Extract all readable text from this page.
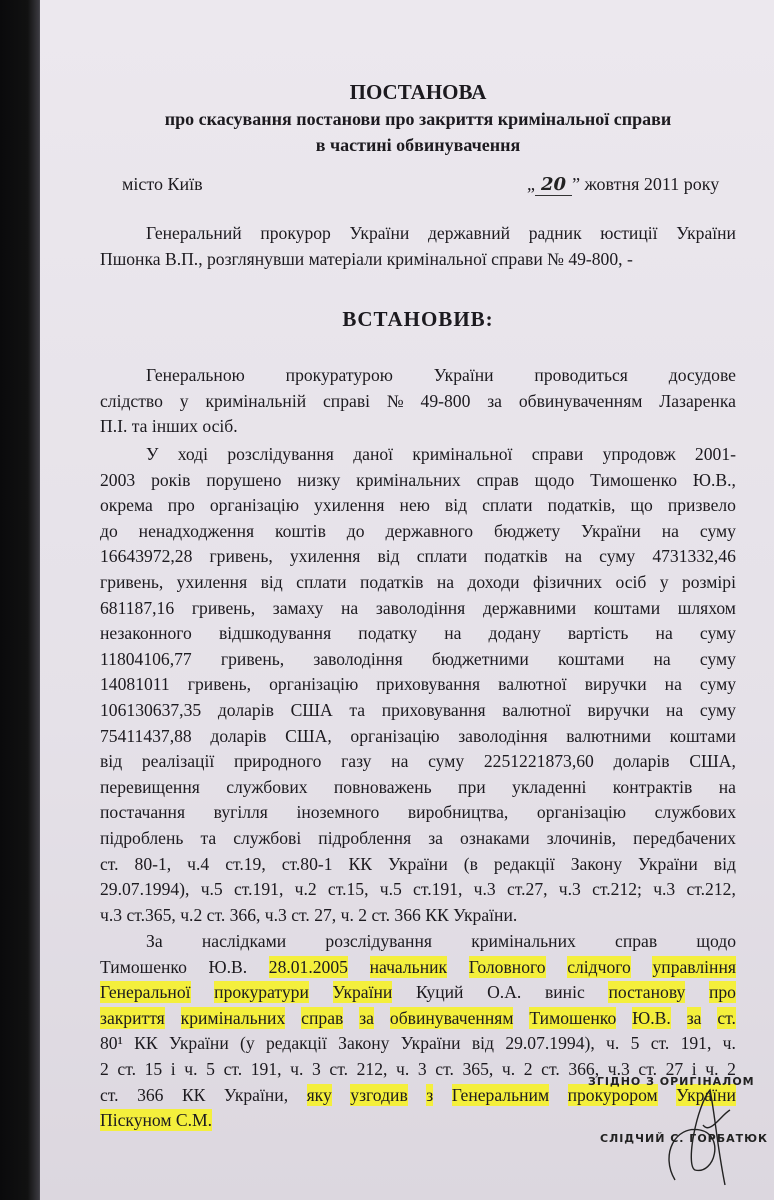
ПОСТАНОВА
про скасування постанови про закриття кримінальної справи
в частині обвинувачення
місто Київ	„ 20 ” жовтня 2011 року
ВСТАНОВИВ:
Генеральний прокурор України державний радник юстиції України
Пшонка В.П., розглянувши матеріали кримінальної справи № 49-800, -
Генеральною прокуратурою України проводиться досудове
слідство у кримінальній справі № 49-800 за обвинуваченням Лазаренка
П.І. та інших осіб.
У ході розслідування даної кримінальної справи упродовж 2001-
2003 років порушено низку кримінальних справ щодо Тимошенко Ю.В.,
окрема про організацію ухилення нею від сплати податків, що призвело
до ненадходження коштів до державного бюджету України на суму
16643972,28 гривень, ухилення від сплати податків на суму 4731332,46
гривень, ухилення від сплати податків на доходи фізичних осіб у розмірі
681187,16 гривень, замаху на заволодіння державними коштами шляхом
незаконного відшкодування податку на додану вартість на суму
11804106,77 гривень, заволодіння бюджетними коштами на суму
14081011 гривень, організацію приховування валютної виручки на суму
106130637,35 доларів США та приховування валютної виручки на суму
75411437,88 доларів США, організацію заволодіння валютними коштами
від реалізації природного газу на суму 2251221873,60 доларів США,
перевищення службових повноважень при укладенні контрактів на
постачання вугілля іноземного виробництва, організацію службових
підроблень та службові підроблення за ознаками злочинів, передбачених
ст. 80-1, ч.4 ст.19, ст.80-1 КК України (в редакції Закону України від
29.07.1994), ч.5 ст.191, ч.2 ст.15, ч.5 ст.191, ч.3 ст.27, ч.3 ст.212; ч.3 ст.212,
ч.3 ст.365, ч.2 ст. 366, ч.3 ст. 27, ч. 2 ст. 366 КК України.
За наслідками розслідування кримінальних справ щодо
Тимошенко Ю.В. 28.01.2005 начальник Головного слідчого управління
Генеральної прокуратури України Куций О.А. виніс постанову про
закриття кримінальних справ за обвинуваченням Тимошенко Ю.В. за ст.
80¹ КК України (у редакції Закону України від 29.07.1994), ч. 5 ст. 191, ч.
2 ст. 15 і ч. 5 ст. 191, ч. 3 ст. 212, ч. 3 ст. 365, ч. 2 ст. 366, ч.3 ст. 27 і ч. 2
ст. 366 КК України, яку узгодив з Генеральним прокурором України
Піскуном С.М.
ЗГІДНО З ОРИГІНАЛОМ
СЛІДЧИЙ С. ГОРБАТЮК
